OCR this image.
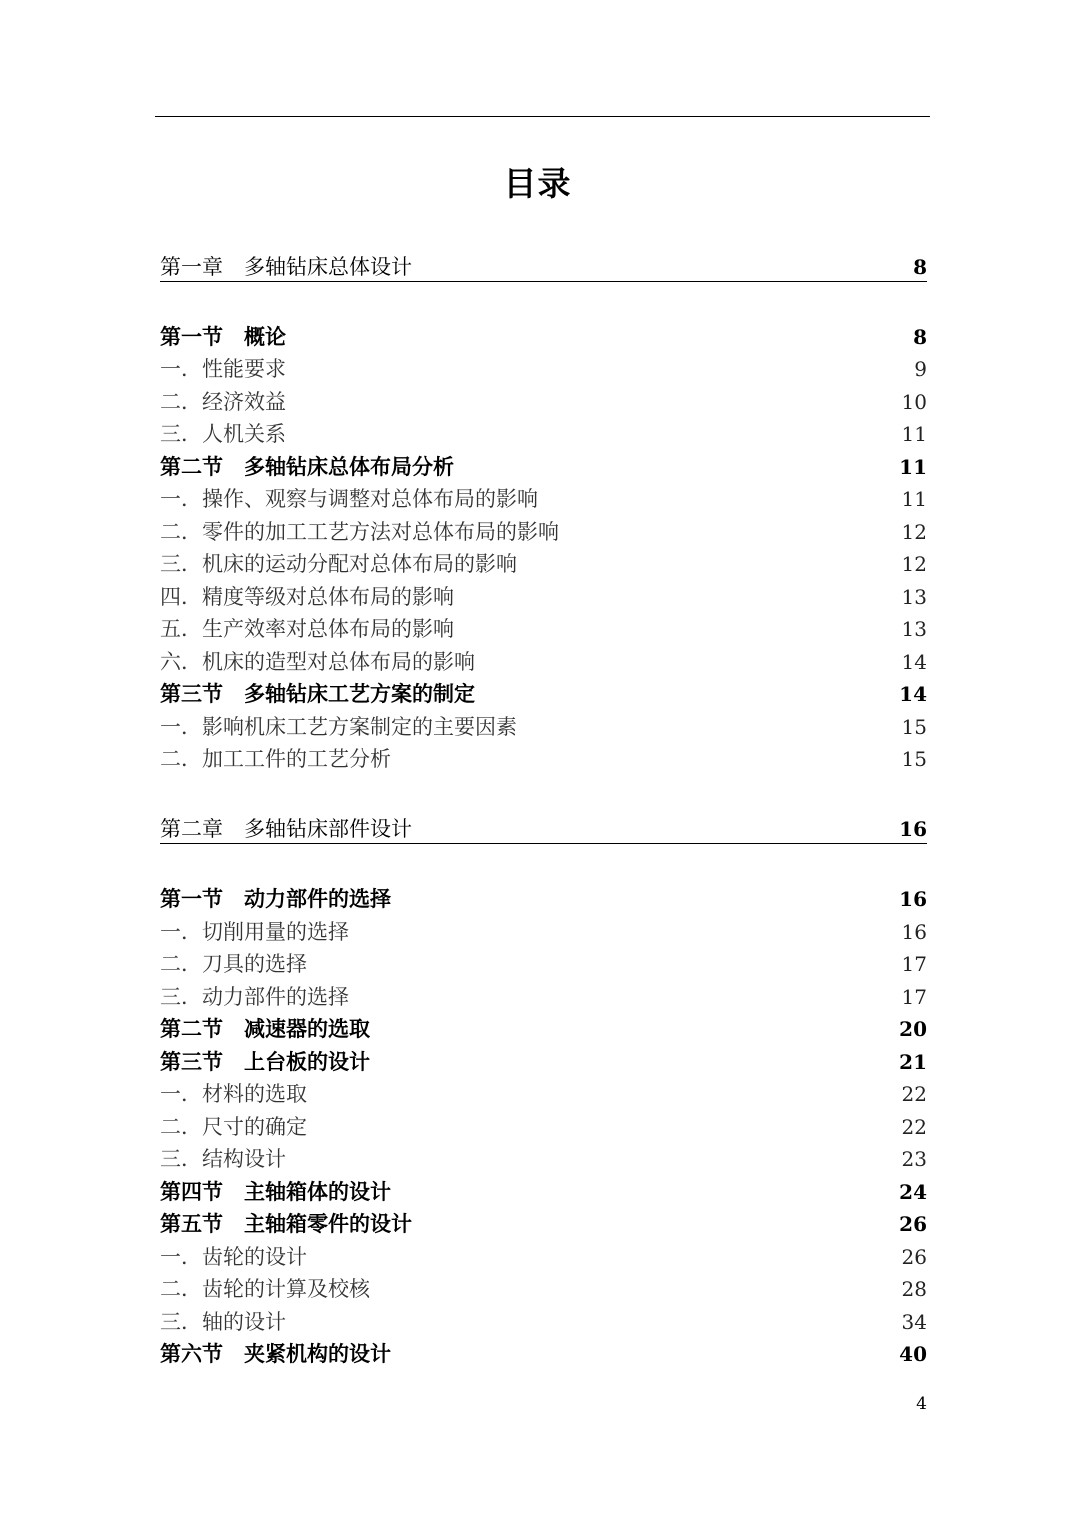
目录
第一章　多轴钻床总体设计	8
第一节　概论	8
一．性能要求	9
二．经济效益	10
三．人机关系	11
第二节　多轴钻床总体布局分析	11
一．操作、观察与调整对总体布局的影响	11
二．零件的加工工艺方法对总体布局的影响	12
三．机床的运动分配对总体布局的影响	12
四．精度等级对总体布局的影响	13
五．生产效率对总体布局的影响	13
六．机床的造型对总体布局的影响	14
第三节　多轴钻床工艺方案的制定	14
一．影响机床工艺方案制定的主要因素	15
二．加工工件的工艺分析	15
第二章　多轴钻床部件设计	16
第一节　动力部件的选择	16
一．切削用量的选择	16
二．刀具的选择	17
三．动力部件的选择	17
第二节　减速器的选取	20
第三节　上台板的设计	21
一．材料的选取	22
二．尺寸的确定	22
三．结构设计	23
第四节　主轴箱体的设计	24
第五节　主轴箱零件的设计	26
一．齿轮的设计	26
二．齿轮的计算及校核	28
三．轴的设计	34
第六节　夹紧机构的设计	40
4
